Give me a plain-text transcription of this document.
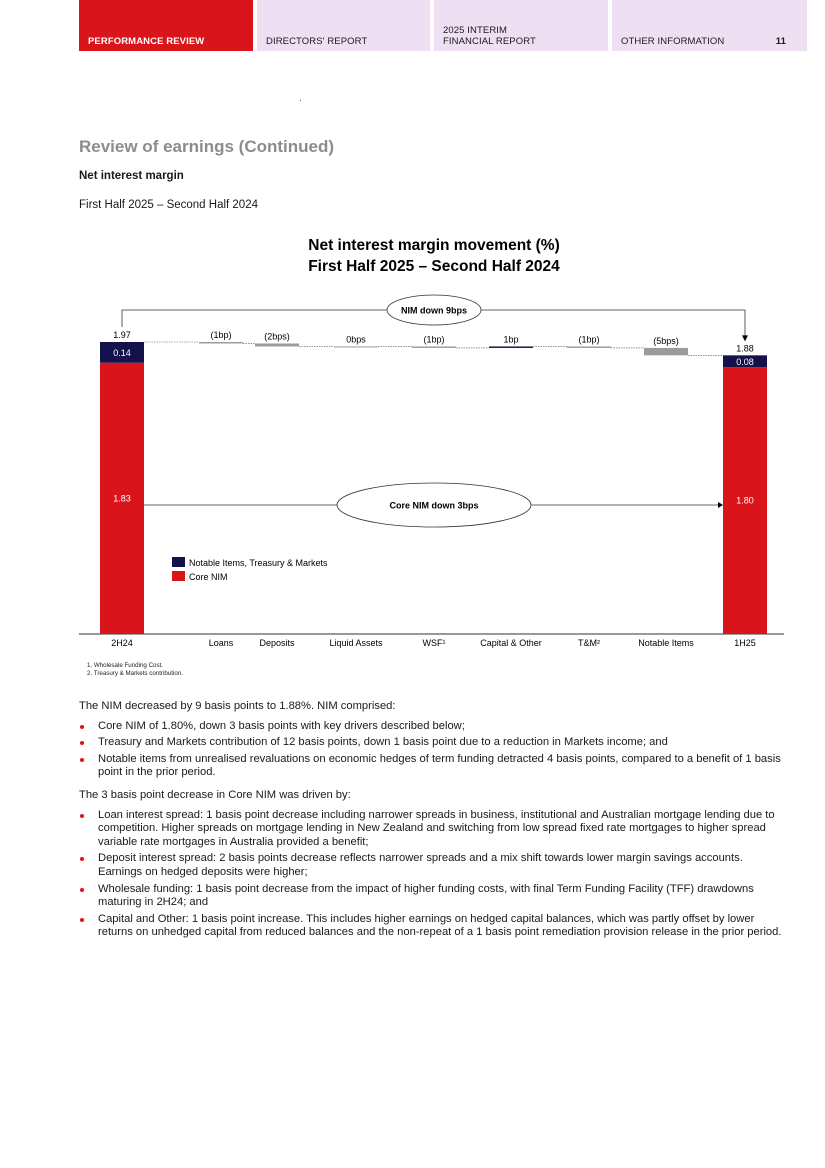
PERFORMANCE REVIEW	DIRECTORS' REPORT
2025 INTERIM
FINANCIAL REPORT	OTHER INFORMATION	11
Review of earnings (Continued)
Net interest margin
First Half 2025 – Second Half 2024
Net interest margin movement (%)
First Half 2025 – Second Half 2024
1.97
0.14
1.83
1.88
0.08
1.80
(1bp)	(2bps)	0bps	(1bp)	1bp	(1bp)	(5bps)
NIM down 9bps
Core NIM down 3bps
Notable Items, Treasury & Markets
Core NIM
2H24	Loans	Deposits	Liquid Assets	WSF¹	Capital & Other	T&M²	Notable Items	1H25
1. Wholesale Funding Cost.
2. Treasury & Markets contribution.

The NIM decreased by 9 basis points to 1.88%. NIM comprised:

Core NIM of 1.80%, down 3 basis points with key drivers described below;
Treasury and Markets contribution of 12 basis points, down 1 basis point due to a reduction in Markets income; and
Notable items from unrealised revaluations on economic hedges of term funding detracted 4 basis points, compared to a benefit of 1 basis point in the prior period.

The 3 basis point decrease in Core NIM was driven by:

Loan interest spread: 1 basis point decrease including narrower spreads in business, institutional and Australian mortgage lending due to competition. Higher spreads on mortgage lending in New Zealand and switching from low spread fixed rate mortgages to higher spread variable rate mortgages in Australia provided a benefit;
Deposit interest spread: 2 basis points decrease reflects narrower spreads and a mix shift towards lower margin savings accounts. Earnings on hedged deposits were higher;
Wholesale funding: 1 basis point decrease from the impact of higher funding costs, with final Term Funding Facility (TFF) drawdowns maturing in 2H24; and
Capital and Other: 1 basis point increase. This includes higher earnings on hedged capital balances, which was partly offset by lower returns on unhedged capital from reduced balances and the non-repeat of a 1 basis point remediation provision release in the prior period.
